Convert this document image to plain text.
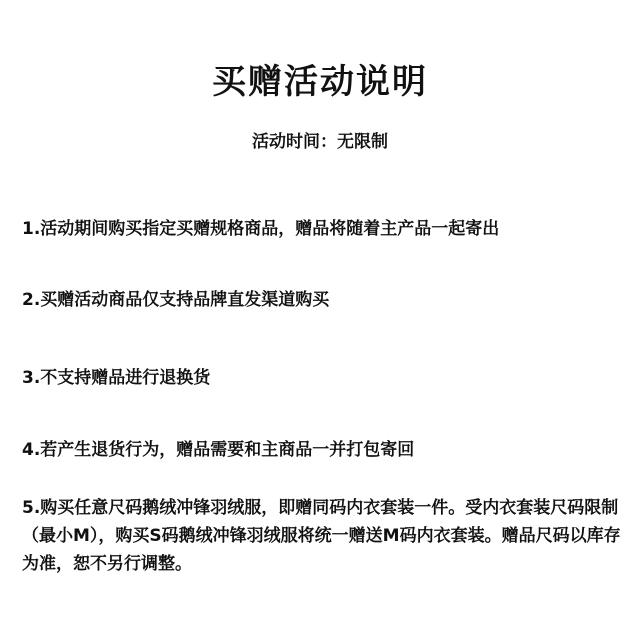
买赠活动说明
活动时间：无限制
1.活动期间购买指定买赠规格商品，赠品将随着主产品一起寄出
2.买赠活动商品仅支持品牌直发渠道购买
3.不支持赠品进行退换货
4.若产生退货行为，赠品需要和主商品一并打包寄回
5.购买任意尺码鹅绒冲锋羽绒服，即赠同码内衣套装一件。受内衣套装尺码限制（最小M），购买S码鹅绒冲锋羽绒服将统一赠送M码内衣套装。赠品尺码以库存为准，恕不另行调整。
